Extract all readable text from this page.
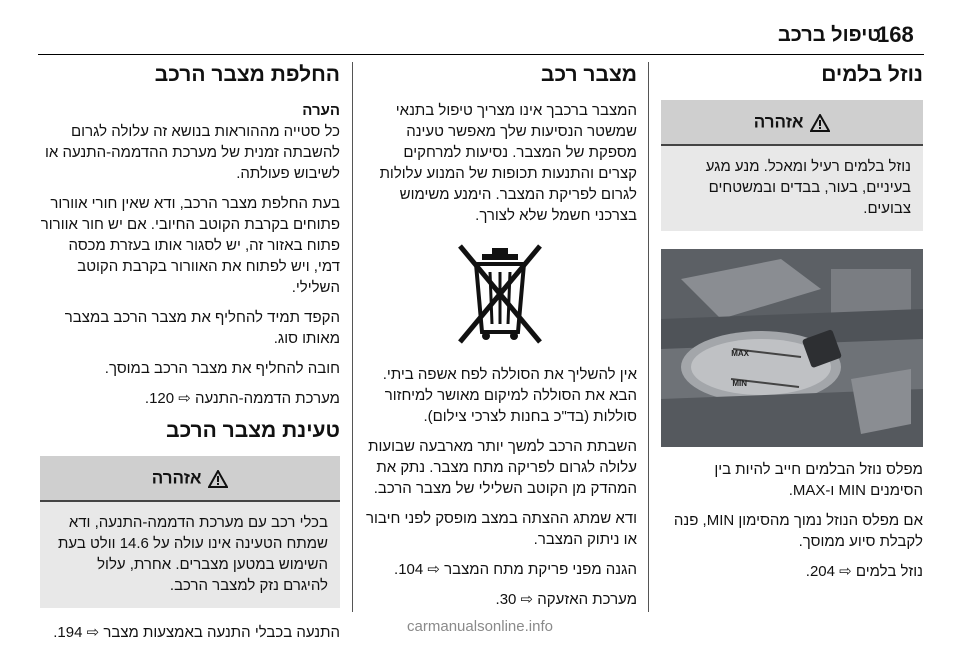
168
טיפול ברכב
נוזל בלמים
אזהרה
נוזל בלמים רעיל ומאכל. מנע מגע בעיניים, בעור, בבדים ובמשטחים צבועים.
MAX
MIN

מפלס נוזל הבלמים חייב להיות בין הסימנים MIN ו-MAX.

אם מפלס הנוזל נמוך מהסימון MIN, פנה לקבלת סיוע ממוסך.

נוזל בלמים ⇨ 204.

מצבר רכב

המצבר ברכבך אינו מצריך טיפול בתנאי שמשטר הנסיעות שלך מאפשר טעינה מספקת של המצבר. נסיעות למרחקים קצרים והתנעות תכופות של המנוע עלולות לגרום לפריקת המצבר. הימנע משימוש בצרכני חשמל שלא לצורך.

אין להשליך את הסוללה לפח אשפה ביתי. הבא את הסוללה למיקום מאושר למיחזור סוללות (בד"כ בחנות לצרכי צילום).

השבתת הרכב למשך יותר מארבעה שבועות עלולה לגרום לפריקה מתח מצבר. נתק את המהדק מן הקוטב השלילי של מצבר הרכב.

ודא שמתג ההצתה במצב מופסק לפני חיבור או ניתוק המצבר.

הגנה מפני פריקת מתח המצבר ⇨ 104.

מערכת האזעקה ⇨ 30.

החלפת מצבר הרכב
הערה

כל סטייה מההוראות בנושא זה עלולה לגרום להשבתה זמנית של מערכת ההדממה-התנעה או לשיבוש פעולתה.

בעת החלפת מצבר הרכב, ודא שאין חורי אוורור פתוחים בקרבת הקוטב החיובי. אם יש חור אוורור פתוח באזור זה, יש לסגור אותו בעזרת מכסה דמי, ויש לפתוח את האוורור בקרבת הקוטב השלילי.

הקפד תמיד להחליף את מצבר הרכב במצבר מאותו סוג.

חובה להחליף את מצבר הרכב במוסך.

מערכת הדממה-התנעה ⇨ 120.

טעינת מצבר הרכב
אזהרה
בכלי רכב עם מערכת הדממה-התנעה, ודא שמתח הטעינה אינו עולה על 14.6 וולט בעת השימוש במטען מצברים. אחרת, עלול להיגרם נזק למצבר הרכב.

התנעה בכבלי התנעה באמצעות מצבר ⇨ 194.	carmanualsonline.info
